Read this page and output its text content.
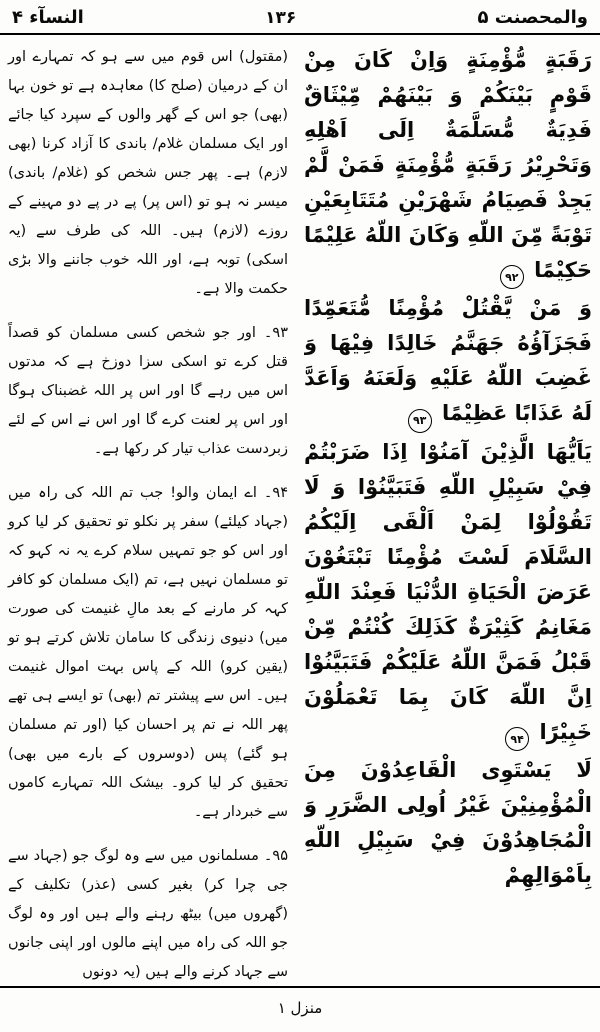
والمحصنت ۵
۱۳۶
النسآء ۴
رَقَبَةٍ مُّؤْمِنَةٍ وَاِنْ كَانَ مِنْ قَوْمٍ بَيْنَكُمْ وَ بَيْنَهُمْ مِّيْثَاقٌ فَدِيَةٌ مُّسَلَّمَةٌ اِلَى اَهْلِهِ وَتَحْرِيْرُ رَقَبَةٍ مُّؤْمِنَةٍ فَمَنْ لَّمْ يَجِدْ فَصِيَامُ شَهْرَيْنِ مُتَتَابِعَيْنِ تَوْبَةً مِّنَ اللّهِ وَكَانَ اللّهُ عَلِيْمًا حَكِيْمًا ۹۲
وَ مَنْ يَّقْتُلْ مُؤْمِنًا مُّتَعَمِّدًا فَجَزَآؤُهُ جَهَنَّمُ خَالِدًا فِيْهَا وَ غَضِبَ اللّهُ عَلَيْهِ وَلَعَنَهُ وَاَعَدَّ لَهُ عَذَابًا عَظِيْمًا ۹۳
يَاَيُّهَا الَّذِيْنَ آمَنُوْا اِذَا ضَرَبْتُمْ فِيْ سَبِيْلِ اللّهِ فَتَبَيَّنُوْا وَ لَا تَقُوْلُوْا لِمَنْ اَلْقَى اِلَيْكُمُ السَّلَامَ لَسْتَ مُؤْمِنًا تَبْتَغُوْنَ عَرَضَ الْحَيَاةِ الدُّنْيَا فَعِنْدَ اللّهِ مَغَانِمُ كَثِيْرَةٌ كَذَلِكَ كُنْتُمْ مِّنْ قَبْلُ فَمَنَّ اللّهُ عَلَيْكُمْ فَتَبَيَّنُوْا اِنَّ اللّهَ كَانَ بِمَا تَعْمَلُوْنَ خَبِيْرًا ۹۴
لَا يَسْتَوِى الْقَاعِدُوْنَ مِنَ الْمُؤْمِنِيْنَ غَيْرُ اُولِى الضَّرَرِ وَ الْمُجَاهِدُوْنَ فِيْ سَبِيْلِ اللّهِ بِاَمْوَالِهِمْ

(مقتول) اس قوم میں سے ہو کہ تمہارے اور ان کے درمیان (صلح کا) معاہدہ ہے تو خون بہا (بھی) جو اس کے گھر والوں کے سپرد کیا جائے اور ایک مسلمان غلام/ باندی کا آزاد کرنا (بھی لازم) ہے۔ پھر جس شخص کو (غلام/ باندی) میسر نہ ہو تو (اس پر) پے در پے دو مہینے کے روزے (لازم) ہیں۔ اللہ کی طرف سے (یہ اسکی) توبہ ہے، اور اللہ خوب جاننے والا بڑی حکمت والا ہے۔

۹۳۔ اور جو شخص کسی مسلمان کو قصداً قتل کرے تو اسکی سزا دوزخ ہے کہ مدتوں اس میں رہے گا اور اس پر اللہ غضبناک ہوگا اور اس پر لعنت کرے گا اور اس نے اس کے لئے زبردست عذاب تیار کر رکھا ہے۔

۹۴۔ اے ایمان والو! جب تم اللہ کی راہ میں (جہاد کیلئے) سفر پر نکلو تو تحقیق کر لیا کرو اور اس کو جو تمہیں سلام کرے یہ نہ کہو کہ تو مسلمان نہیں ہے، تم (ایک مسلمان کو کافر کہہ کر مارنے کے بعد مالِ غنیمت کی صورت میں) دنیوی زندگی کا سامان تلاش کرتے ہو تو (یقین کرو) اللہ کے پاس بہت اموال غنیمت ہیں۔ اس سے پیشتر تم (بھی) تو ایسے ہی تھے پھر اللہ نے تم پر احسان کیا (اور تم مسلمان ہو گئے) پس (دوسروں کے بارے میں بھی) تحقیق کر لیا کرو۔ بیشک اللہ تمہارے کاموں سے خبردار ہے۔

۹۵۔ مسلمانوں میں سے وہ لوگ جو (جہاد سے جی چرا کر) بغیر کسی (عذر) تکلیف کے (گھروں میں) بیٹھ رہنے والے ہیں اور وہ لوگ جو اللہ کی راہ میں اپنے مالوں اور اپنی جانوں سے جہاد کرنے والے ہیں (یہ دونوں

منزل ۱
